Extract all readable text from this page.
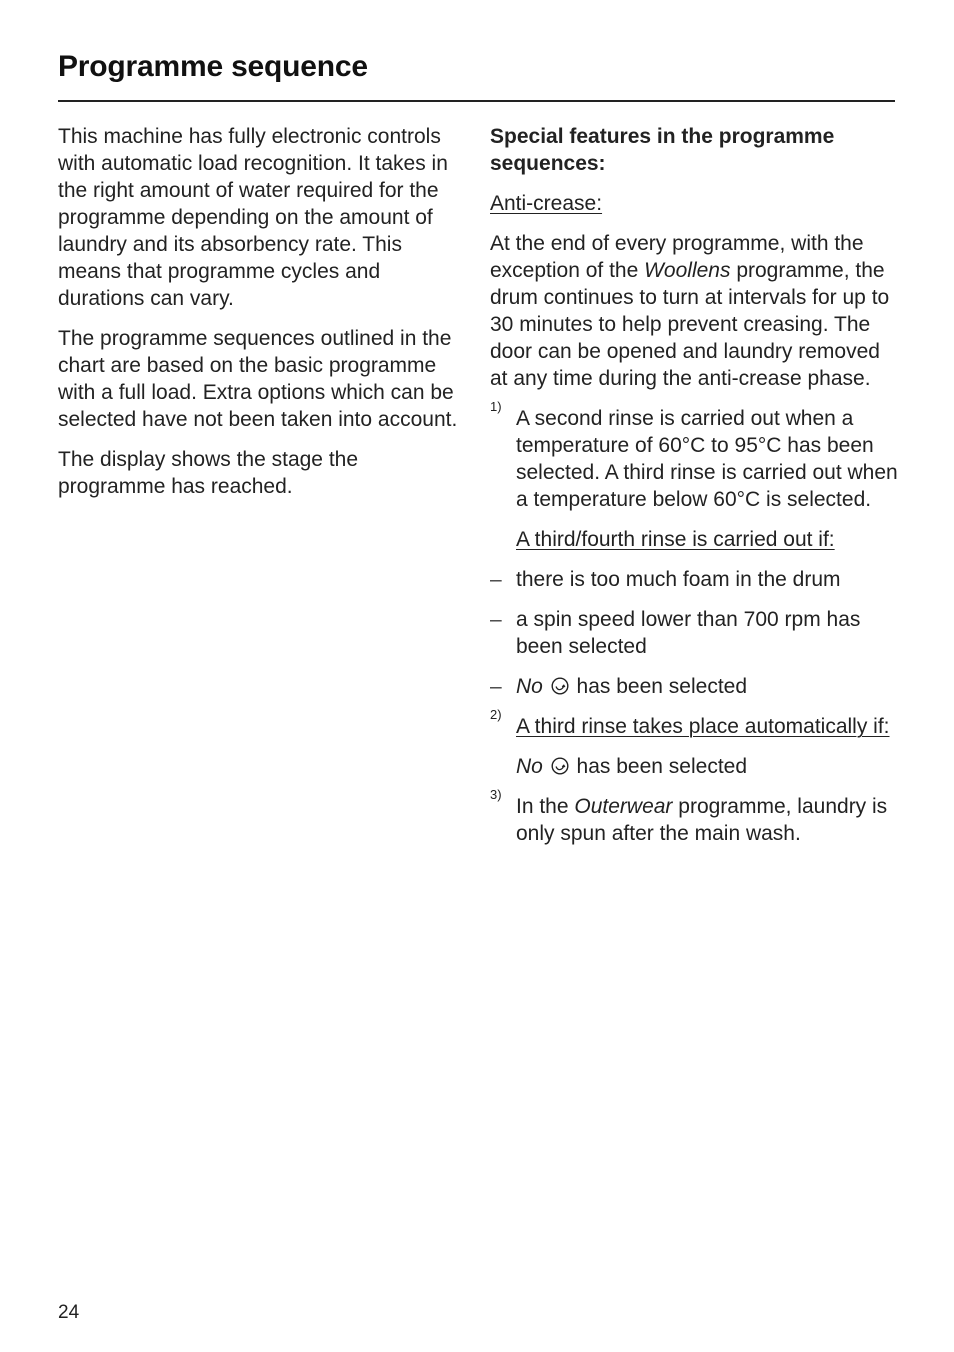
Programme sequence

This machine has fully electronic controls with automatic load recognition. It takes in the right amount of water required for the programme depending on the amount of laundry and its absorbency rate. This means that programme cycles and durations can vary.

The programme sequences outlined in the chart are based on the basic programme with a full load. Extra options which can be selected have not been taken into account.

The display shows the stage the programme has reached.

Special features in the programme sequences:

Anti-crease:

At the end of every programme, with the exception of the Woollens programme, the drum continues to turn at intervals for up to 30 minutes to help prevent creasing. The door can be opened and laundry removed at any time during the anti-crease phase.

1)
A second rinse is carried out when a temperature of 60°C to 95°C has been selected. A third rinse is carried out when a temperature below 60°C is selected.

A third/fourth rinse is carried out if:

– there is too much foam in the drum
– a spin speed lower than 700 rpm has been selected
– No has been selected
2)
A third rinse takes place automatically if:

No has been selected

3)
In the Outerwear programme, laundry is only spun after the main wash.
24
